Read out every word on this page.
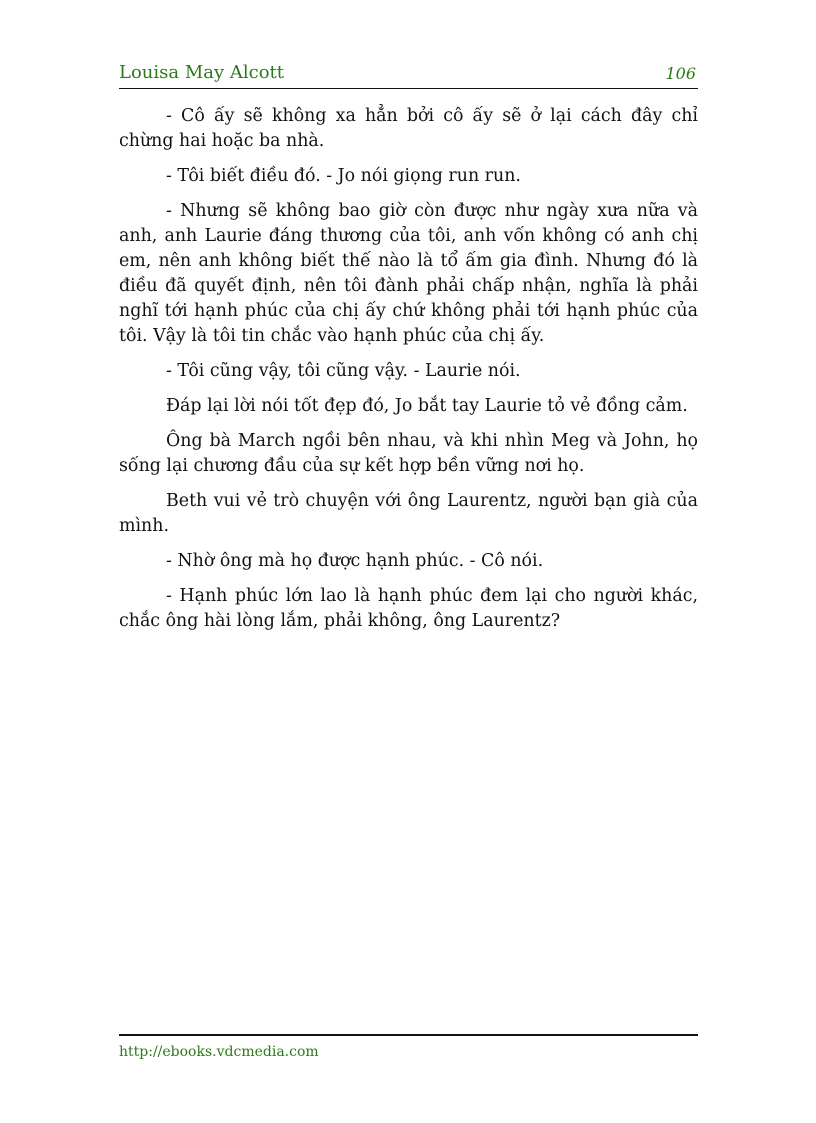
Louisa May Alcott	106

- Cô ấy sẽ không xa hẳn bởi cô ấy sẽ ở lại cách đây chỉ chừng hai hoặc ba nhà.

- Tôi biết điều đó. - Jo nói giọng run run.

- Nhưng sẽ không bao giờ còn được như ngày xưa nữa và anh, anh Laurie đáng thương của tôi, anh vốn không có anh chị em, nên anh không biết thế nào là tổ ấm gia đình. Nhưng đó là điều đã quyết định, nên tôi đành phải chấp nhận, nghĩa là phải nghĩ tới hạnh phúc của chị ấy chứ không phải tới hạnh phúc của tôi. Vậy là tôi tin chắc vào hạnh phúc của chị ấy.

- Tôi cũng vậy, tôi cũng vậy. - Laurie nói.

Đáp lại lời nói tốt đẹp đó, Jo bắt tay Laurie tỏ vẻ đồng cảm.

Ông bà March ngồi bên nhau, và khi nhìn Meg và John, họ sống lại chương đầu của sự kết hợp bền vững nơi họ.

Beth vui vẻ trò chuyện với ông Laurentz, người bạn già của mình.

- Nhờ ông mà họ được hạnh phúc. - Cô nói.

- Hạnh phúc lớn lao là hạnh phúc đem lại cho người khác, chắc ông hài lòng lắm, phải không, ông Laurentz?

http://ebooks.vdcmedia.com
